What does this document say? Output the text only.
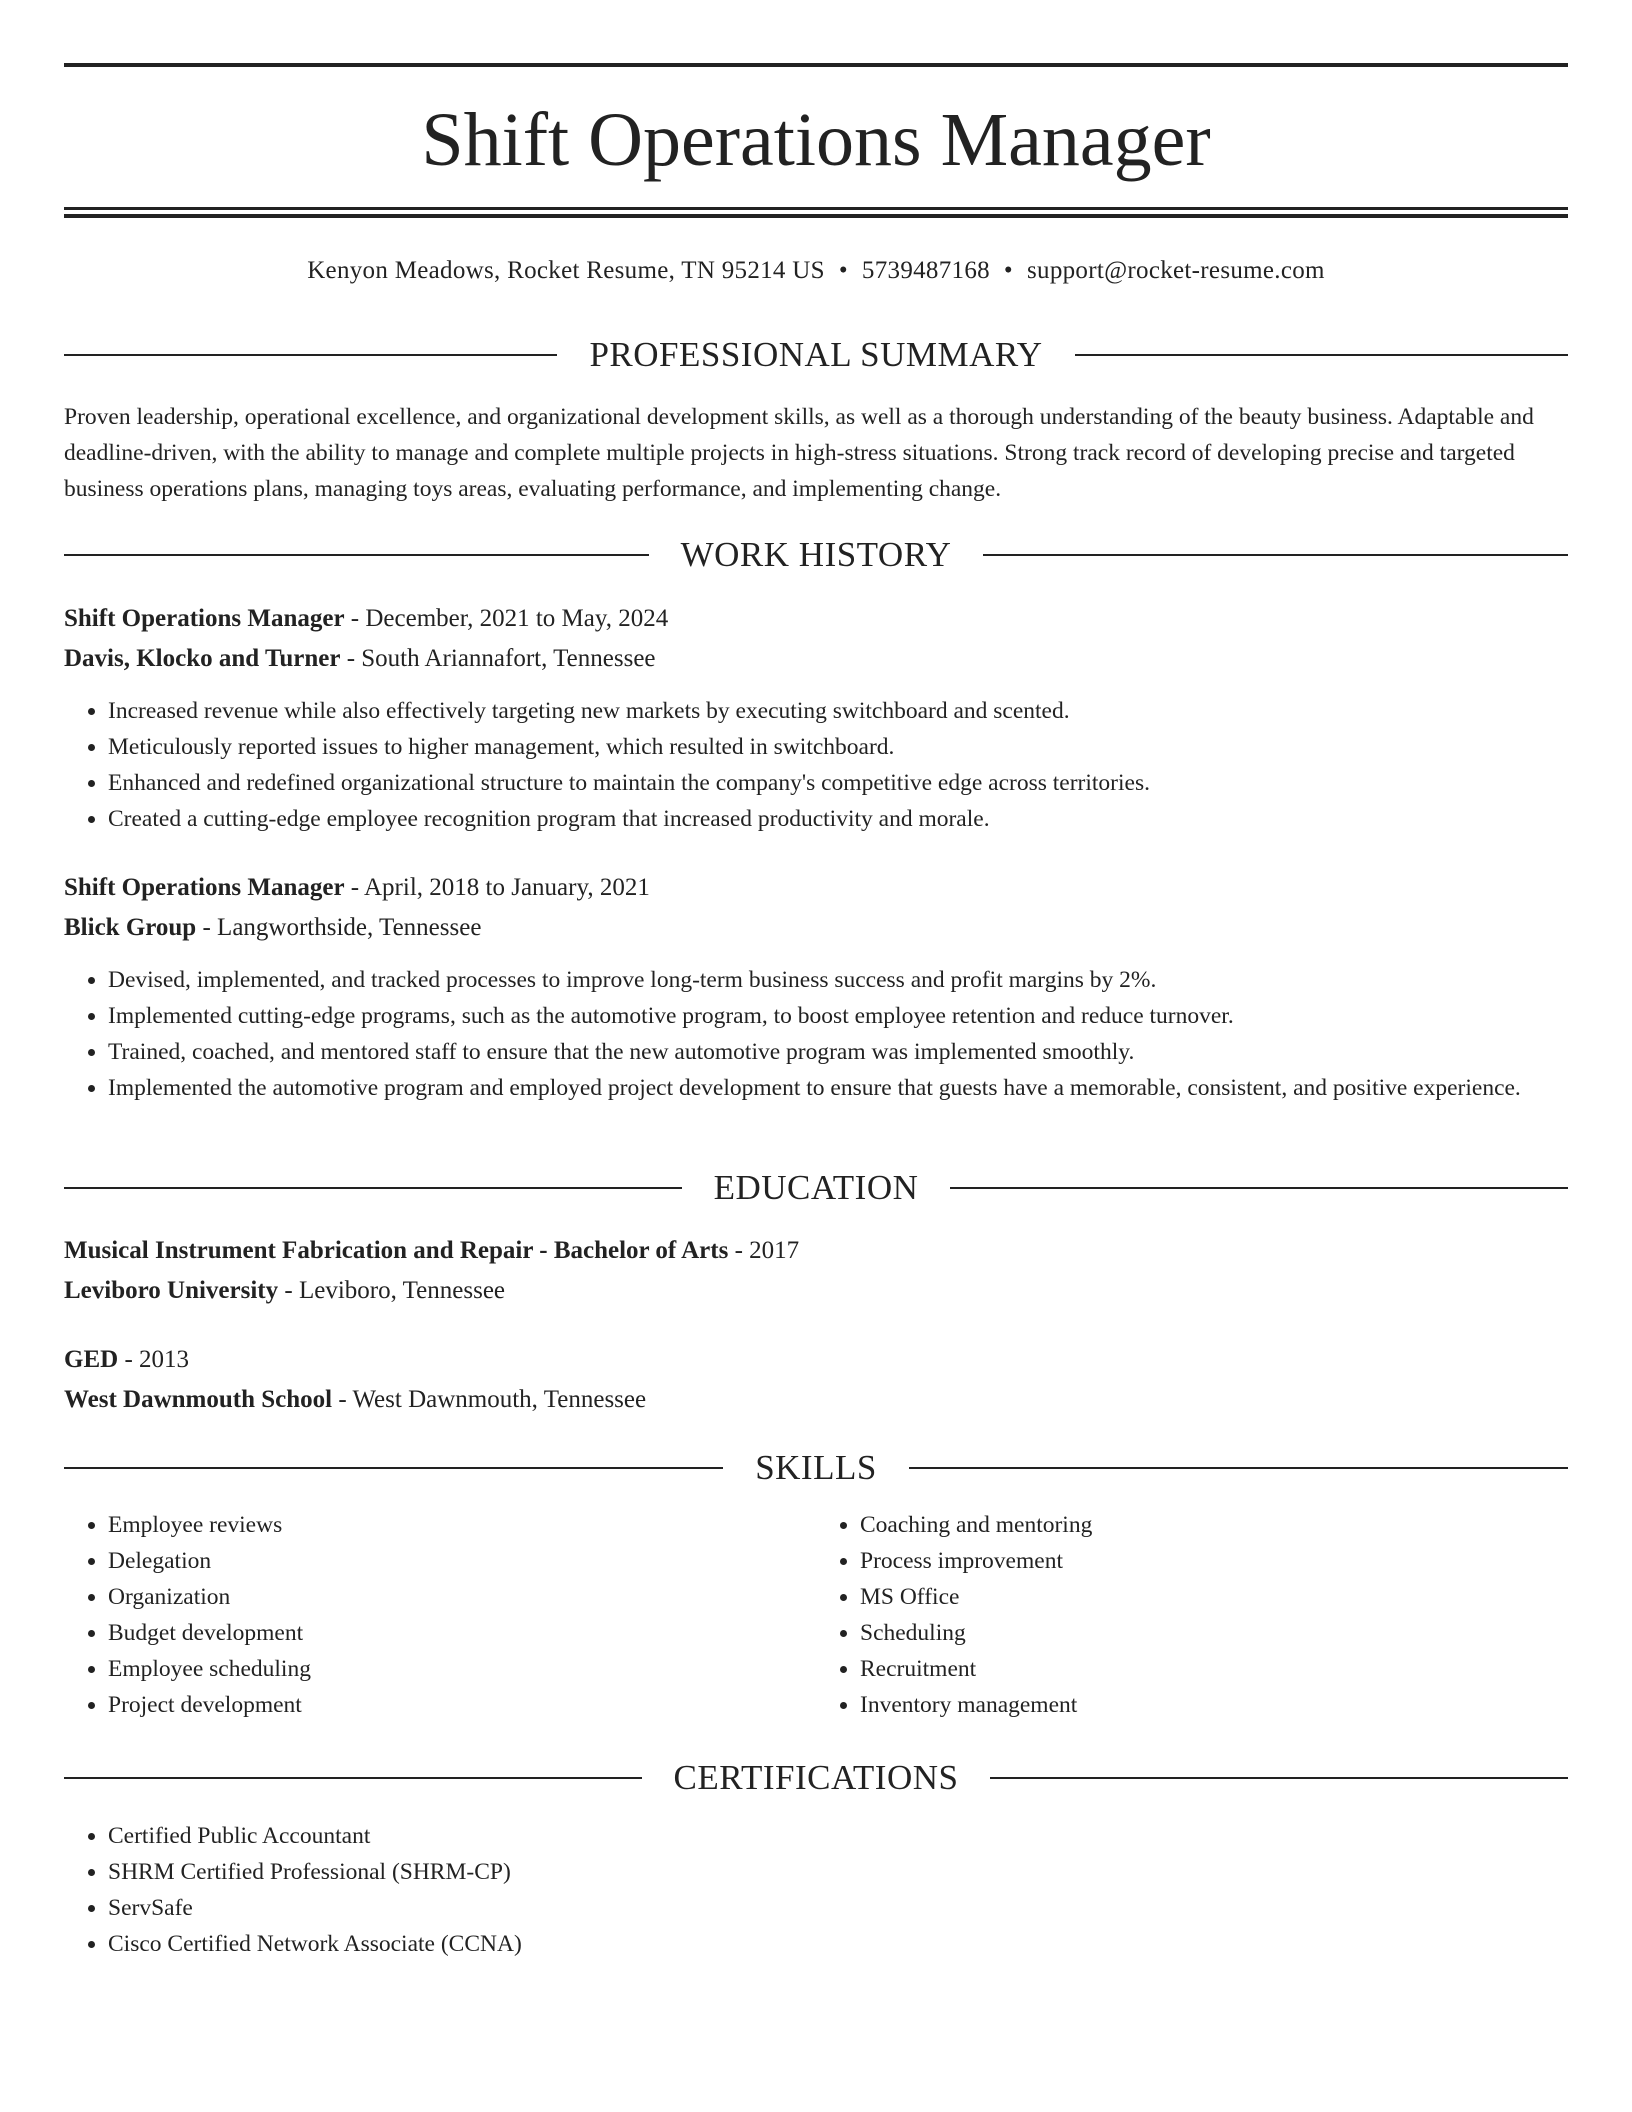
Shift Operations Manager
Kenyon Meadows, Rocket Resume, TN 95214 US • 5739487168 • support@rocket-resume.com
PROFESSIONAL SUMMARY

Proven leadership, operational excellence, and organizational development skills, as well as a thorough understanding of the beauty business. Adaptable and deadline-driven, with the ability to manage and complete multiple projects in high-stress situations. Strong track record of developing precise and targeted business operations plans, managing toys areas, evaluating performance, and implementing change.

WORK HISTORY
Shift Operations Manager - December, 2021 to May, 2024
Davis, Klocko and Turner - South Ariannafort, Tennessee
• Increased revenue while also effectively targeting new markets by executing switchboard and scented.
• Meticulously reported issues to higher management, which resulted in switchboard.
• Enhanced and redefined organizational structure to maintain the company's competitive edge across territories.
• Created a cutting-edge employee recognition program that increased productivity and morale.
Shift Operations Manager - April, 2018 to January, 2021
Blick Group - Langworthside, Tennessee
• Devised, implemented, and tracked processes to improve long-term business success and profit margins by 2%.
• Implemented cutting-edge programs, such as the automotive program, to boost employee retention and reduce turnover.
• Trained, coached, and mentored staff to ensure that the new automotive program was implemented smoothly.
• Implemented the automotive program and employed project development to ensure that guests have a memorable, consistent, and positive experience.
EDUCATION
Musical Instrument Fabrication and Repair - Bachelor of Arts - 2017
Leviboro University - Leviboro, Tennessee
GED - 2013
West Dawnmouth School - West Dawnmouth, Tennessee
SKILLS
• Employee reviews
• Delegation
• Organization
• Budget development
• Employee scheduling
• Project development
• Coaching and mentoring
• Process improvement
• MS Office
• Scheduling
• Recruitment
• Inventory management
CERTIFICATIONS
• Certified Public Accountant
• SHRM Certified Professional (SHRM-CP)
• ServSafe
• Cisco Certified Network Associate (CCNA)
